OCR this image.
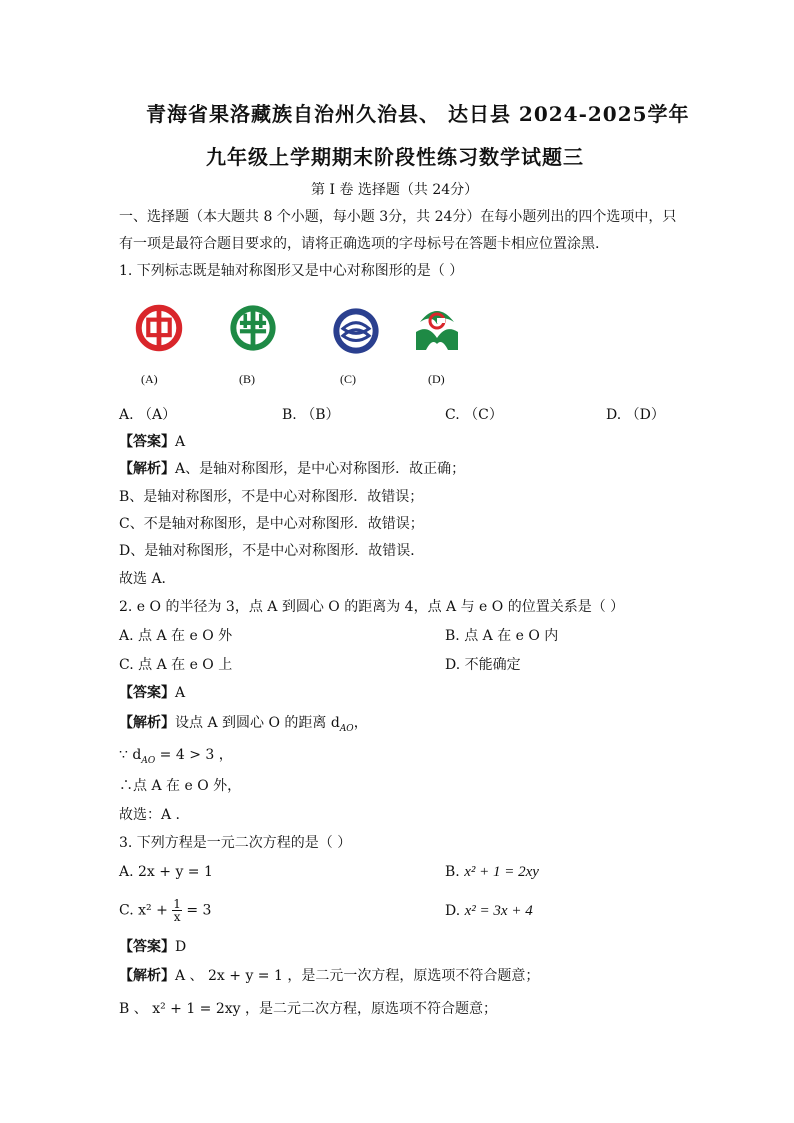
青海省果洛藏族自治州久治县、 达日县 2024-2025学年
九年级上学期期末阶段性练习数学试题三
第 I 卷 选择题（共 24分）
一、选择题（本大题共 8 个小题，每小题 3分，共 24分）在每小题列出的四个选项中，只
有一项是最符合题目要求的，请将正确选项的字母标号在答题卡相应位置涂黑.
1. 下列标志既是轴对称图形又是中心对称图形的是（ ）
(A)	(B)	(C)	(D)
A. （A）	B. （B）	C. （C）	D. （D）
【答案】A
【解析】A、是轴对称图形，是中心对称图形．故正确；
B、是轴对称图形，不是中心对称图形．故错误；
C、不是轴对称图形，是中心对称图形．故错误；
D、是轴对称图形，不是中心对称图形．故错误．
故选 A．
2. e O 的半径为 3，点 A 到圆心 O 的距离为 4，点 A 与 e O 的位置关系是（ ）
A. 点 A 在 e O 外	B. 点 A 在 e O 内
C. 点 A 在 e O 上	D. 不能确定
【答案】A
【解析】设点 A 到圆心 O 的距离 $d_{AO}$，
∵ $d_{AO} = 4 > 3$ ，
∴点 A 在 e O 外，
故选：A .
3. 下列方程是一元二次方程的是（ ）
A. 2x + y = 1	B. x² + 1 = 2xy
C. $x^2 + \frac{1}{x} = 3$	D. x² = 3x + 4
【答案】D
【解析】A 、 2x + y = 1 ，是二元一次方程，原选项不符合题意；
B 、 x² + 1 = 2xy ，是二元二次方程，原选项不符合题意；
